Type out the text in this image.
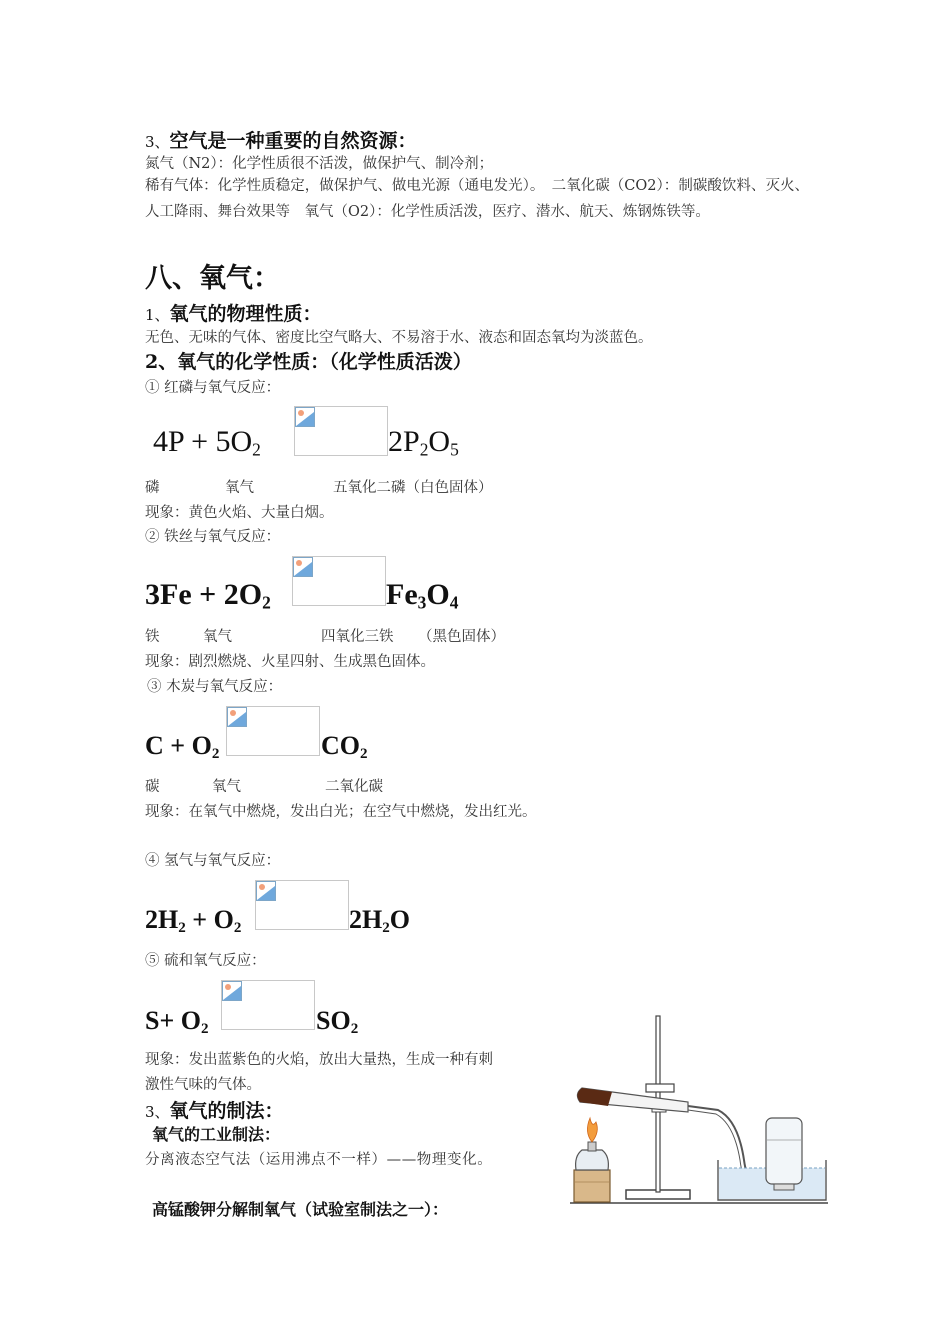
3、空气是一种重要的自然资源：
氮气（N2）：化学性质很不活泼，做保护气、制冷剂；
稀有气体：化学性质稳定，做保护气、做电光源（通电发光）。　二氧化碳（CO2）：制碳酸饮料、灭火、人工降雨、舞台效果等　氧气（O2）：化学性质活泼，医疗、潜水、航天、炼钢炼铁等。
八、氧气：
1、氧气的物理性质：
无色、无味的气体、密度比空气略大、不易溶于水、液态和固态氧均为淡蓝色。
2、氧气的化学性质：（化学性质活泼）
① 红磷与氧气反应：
$4P + 5O_2$	$2P_2O_5$
磷	氧气	五氧化二磷（白色固体）
现象：黄色火焰、大量白烟。
② 铁丝与氧气反应：
$3Fe + 2O_2$	$Fe_3O_4$
铁	氧气	四氧化三铁 （黑色固体）
现象：剧烈燃烧、火星四射、生成黑色固体。
③ 木炭与氧气反应：
$C + O_2$	$CO_2$
碳	氧气	二氧化碳
现象：在氧气中燃烧，发出白光；在空气中燃烧，发出红光。
④ 氢气与氧气反应：
$2H_2 + O_2$	$2H_2O$
⑤ 硫和氧气反应：
$S+ O_2$	$SO_2$
现象：发出蓝紫色的火焰，放出大量热，生成一种有刺
激性气味的气体。
3、氧气的制法：
氧气的工业制法：
分离液态空气法（运用沸点不一样）——物理变化。
高锰酸钾分解制氧气（试验室制法之一）：
